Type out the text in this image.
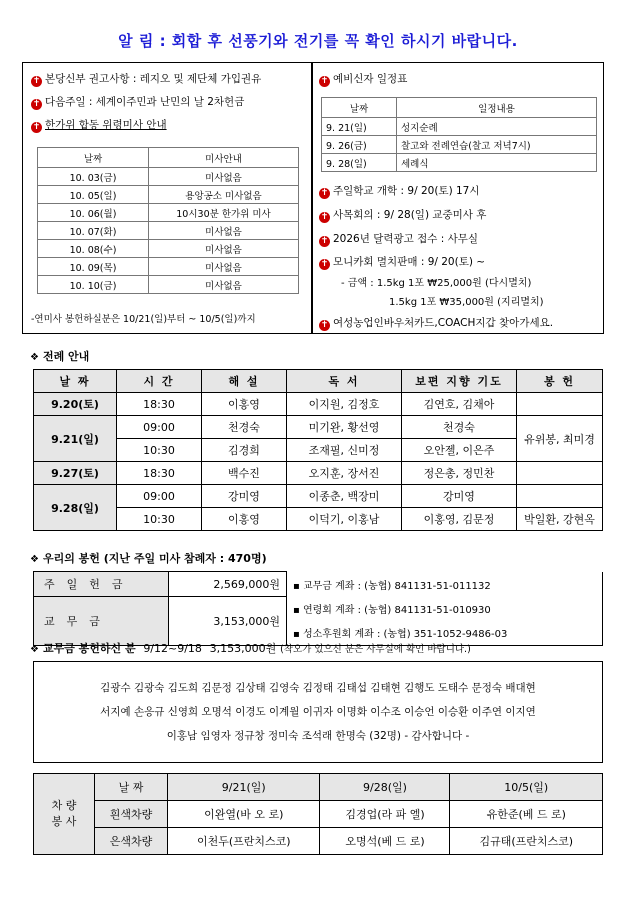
알 림 : 회합 후 선풍기와 전기를 꼭 확인 하시기 바랍니다.
✝ 본당신부 권고사항 : 레지오 및 제단체 가입권유
✝ 다음주일 : 세계이주민과 난민의 날 2차헌금
✝ 한가위 합동 위령미사 안내
날짜	미사안내
10. 03(금)	미사없음
10. 05(일)	용앙공소 미사없음
10. 06(월)	10시30분 한가위 미사
10. 07(화)	미사없음
10. 08(수)	미사없음
10. 09(목)	미사없음
10. 10(금)	미사없음
-연미사 봉헌하실분은 10/21(일)부터 ~ 10/5(일)까지
✝ 예비신자 일정표
날짜	일정내용
9. 21(일)	성지순례
9. 26(금)	찰고와 전례연습(찰고 저녁7시)
9. 28(일)	세례식
✝ 주일학교 개학 : 9/ 20(토) 17시
✝ 사목회의 : 9/ 28(일) 교중미사 후
✝ 2026년 달력광고 접수 : 사무실
✝ 모니카회 멸치판매 : 9/ 20(토) ~
- 금액 : 1.5kg 1포 ₩25,000원 (다시멸치)
1.5kg 1포 ₩35,000원 (지리멸치)
✝ 여성농업인바우처카드,COACH지갑 찾아가세요.
❖ 전례 안내
날 짜	시 간	해 설	독 서	보편 지향 기도	봉 헌
9.20(토)	18:30	이홍영	이지원, 김정호	김연호, 김채아	
9.21(일)	09:00	천경숙	미기완, 황선영	천경숙	유위봉, 최미경
	10:30	김경희	조재필, 신미정	오안젤, 이은주	
9.27(토)	18:30	백수진	오지훈, 장서진	정은총, 정민찬	
9.28(일)	09:00	강미영	이종춘, 백장미	강미영	
	10:30	이홍영	이덕기, 이홍남	이홍영, 김문정	박일환, 강현옥
❖ 우리의 봉헌 (지난 주일 미사 참례자 : 470명)
주일헌금	2,569,000원	▪ 교무금 계좌 : (농협) 841131-51-011132
교무금	3,153,000원	▪ 연령회 계좌 : (농협) 841131-51-010930
		▪ 성소후원회 계좌 : (농협) 351-1052-9486-03
❖ 교무금 봉헌하신 분 9/12~9/18 3,153,000원 (착오가 있으신 분은 사무실에 확인 바랍니다.)
김광수 김광숙 김도희 김문정 김상태 김영숙 김정태 김태섭 김태현 김행도 도태수 문정숙 배대현
서지예 손응규 신영희 오명석 이경도 이계월 이귀자 이명화 이수조 이승언 이승환 이주연 이지연
이홍남 임영자 정규창 정미숙 조석래 한명숙 (32명) - 감사합니다 -
차 량
봉 사	날 짜	9/21(일)	9/28(일)	10/5(일)
	흰색차량	이완열(바 오 로)	김경업(라 파 엘)	유한준(베 드 로)
	은색차량	이천두(프란치스코)	오명석(베 드 로)	김규태(프란치스코)
